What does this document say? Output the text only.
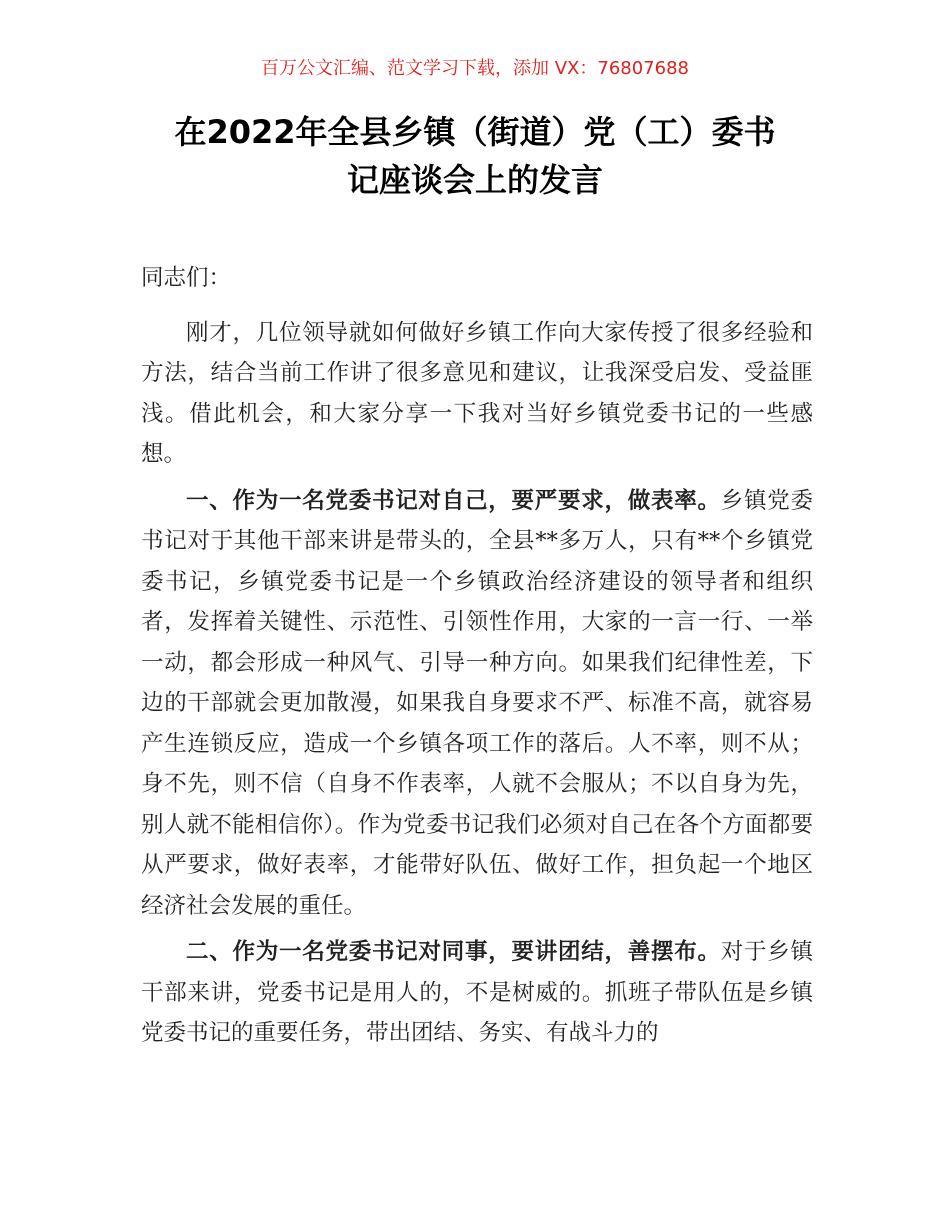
百万公文汇编、范文学习下载，添加 VX：76807688

在2022年全县乡镇（街道）党（工）委书
记座谈会上的发言

同志们：

刚才，几位领导就如何做好乡镇工作向大家传授了很多经验和方法，结合当前工作讲了很多意见和建议，让我深受启发、受益匪浅。借此机会，和大家分享一下我对当好乡镇党委书记的一些感想。

一、作为一名党委书记对自己，要严要求，做表率。乡镇党委书记对于其他干部来讲是带头的，全县**多万人，只有**个乡镇党委书记，乡镇党委书记是一个乡镇政治经济建设的领导者和组织者，发挥着关键性、示范性、引领性作用，大家的一言一行、一举一动，都会形成一种风气、引导一种方向。如果我们纪律性差，下边的干部就会更加散漫，如果我自身要求不严、标准不高，就容易产生连锁反应，造成一个乡镇各项工作的落后。人不率，则不从；身不先，则不信（自身不作表率，人就不会服从；不以自身为先，别人就不能相信你）。作为党委书记我们必须对自己在各个方面都要从严要求，做好表率，才能带好队伍、做好工作，担负起一个地区经济社会发展的重任。

二、作为一名党委书记对同事，要讲团结，善摆布。对于乡镇干部来讲，党委书记是用人的，不是树威的。抓班子带队伍是乡镇党委书记的重要任务，带出团结、务实、有战斗力的
